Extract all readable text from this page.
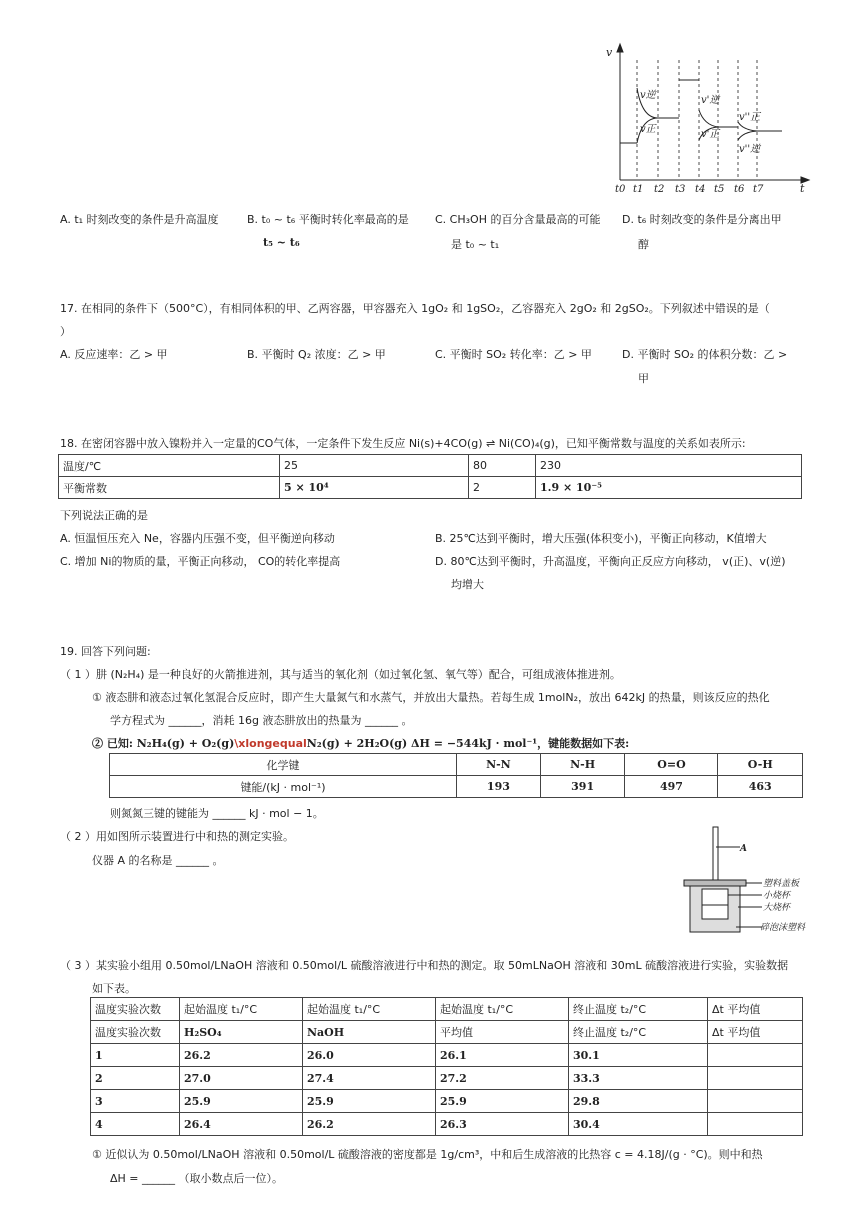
v
t
t0 t1 t2 t3 t4 t5 t6 t7
v逆
v正
v'逆
v'正
v''正
v''逆
A. t₁ 时刻改变的条件是升高温度	B. t₀ ~ t₆ 平衡时转化率最高的是
t₅ ~ t₆
C. CH₃OH 的百分含量最高的可能
是 t₀ ~ t₁
D. t₆ 时刻改变的条件是分离出甲
醇
17. 在相同的条件下（500°C），有相同体积的甲、乙两容器，甲容器充入 1gO₂ 和 1gSO₂，乙容器充入 2gO₂ 和 2gSO₂。下列叙述中错误的是（
）
A. 反应速率：乙 > 甲	B. 平衡时 Q₂ 浓度：乙 > 甲	C. 平衡时 SO₂ 转化率：乙 > 甲	D. 平衡时 SO₂ 的体积分数：乙 >
甲
18. 在密闭容器中放入镍粉并入一定量的CO气体，一定条件下发生反应 Ni(s)+4CO(g) ⇌ Ni(CO)₄(g)，已知平衡常数与温度的关系如表所示:
温度/℃	25	80	230
平衡常数	5 × 10⁴	2	1.9 × 10⁻⁵
下列说法正确的是
A. 恒温恒压充入 Ne，容器内压强不变，但平衡逆向移动	B. 25℃达到平衡时，增大压强(体积变小)，平衡正向移动，K值增大
C. 增加 Ni的物质的量，平衡正向移动， CO的转化率提高	D. 80℃达到平衡时，升高温度，平衡向正反应方向移动， v(正)、v(逆)
均增大
19. 回答下列问题:
（ 1 ）肼 (N₂H₄) 是一种良好的火箭推进剂，其与适当的氧化剂（如过氧化氢、氧气等）配合，可组成液体推进剂。
① 液态肼和液态过氧化氢混合反应时，即产生大量氮气和水蒸气，并放出大量热。若每生成 1molN₂，放出 642kJ 的热量，则该反应的热化
学方程式为 ______，消耗 16g 液态肼放出的热量为 ______ 。
② 已知: N₂H₄(g) + O₂(g)\xlongequalN₂(g) + 2H₂O(g) ΔH = −544kJ · mol⁻¹，键能数据如下表:
化学键	N-N	N-H	O=O	O-H
键能/(kJ · mol⁻¹)	193	391	497	463
则氮氮三键的键能为 ______ kJ · mol − 1。
（ 2 ）用如图所示装置进行中和热的测定实验。
仪器 A 的名称是 ______ 。
A
塑料盖板
小烧杯
大烧杯
碎泡沫塑料
（ 3 ）某实验小组用 0.50mol/LNaOH 溶液和 0.50mol/L 硫酸溶液进行中和热的测定。取 50mLNaOH 溶液和 30mL 硫酸溶液进行实验，实验数据
如下表。
温度实验次数	起始温度 t₁/°C	起始温度 t₁/°C	起始温度 t₁/°C	终止温度 t₂/°C	Δt 平均值
温度实验次数	H₂SO₄	NaOH	平均值	终止温度 t₂/°C	Δt 平均值
1	26.2	26.0	26.1	30.1	
2	27.0	27.4	27.2	33.3	
3	25.9	25.9	25.9	29.8	
4	26.4	26.2	26.3	30.4	
① 近似认为 0.50mol/LNaOH 溶液和 0.50mol/L 硫酸溶液的密度都是 1g/cm³，中和后生成溶液的比热容 c = 4.18J/(g · °C)。则中和热
ΔH = ______ （取小数点后一位）。
